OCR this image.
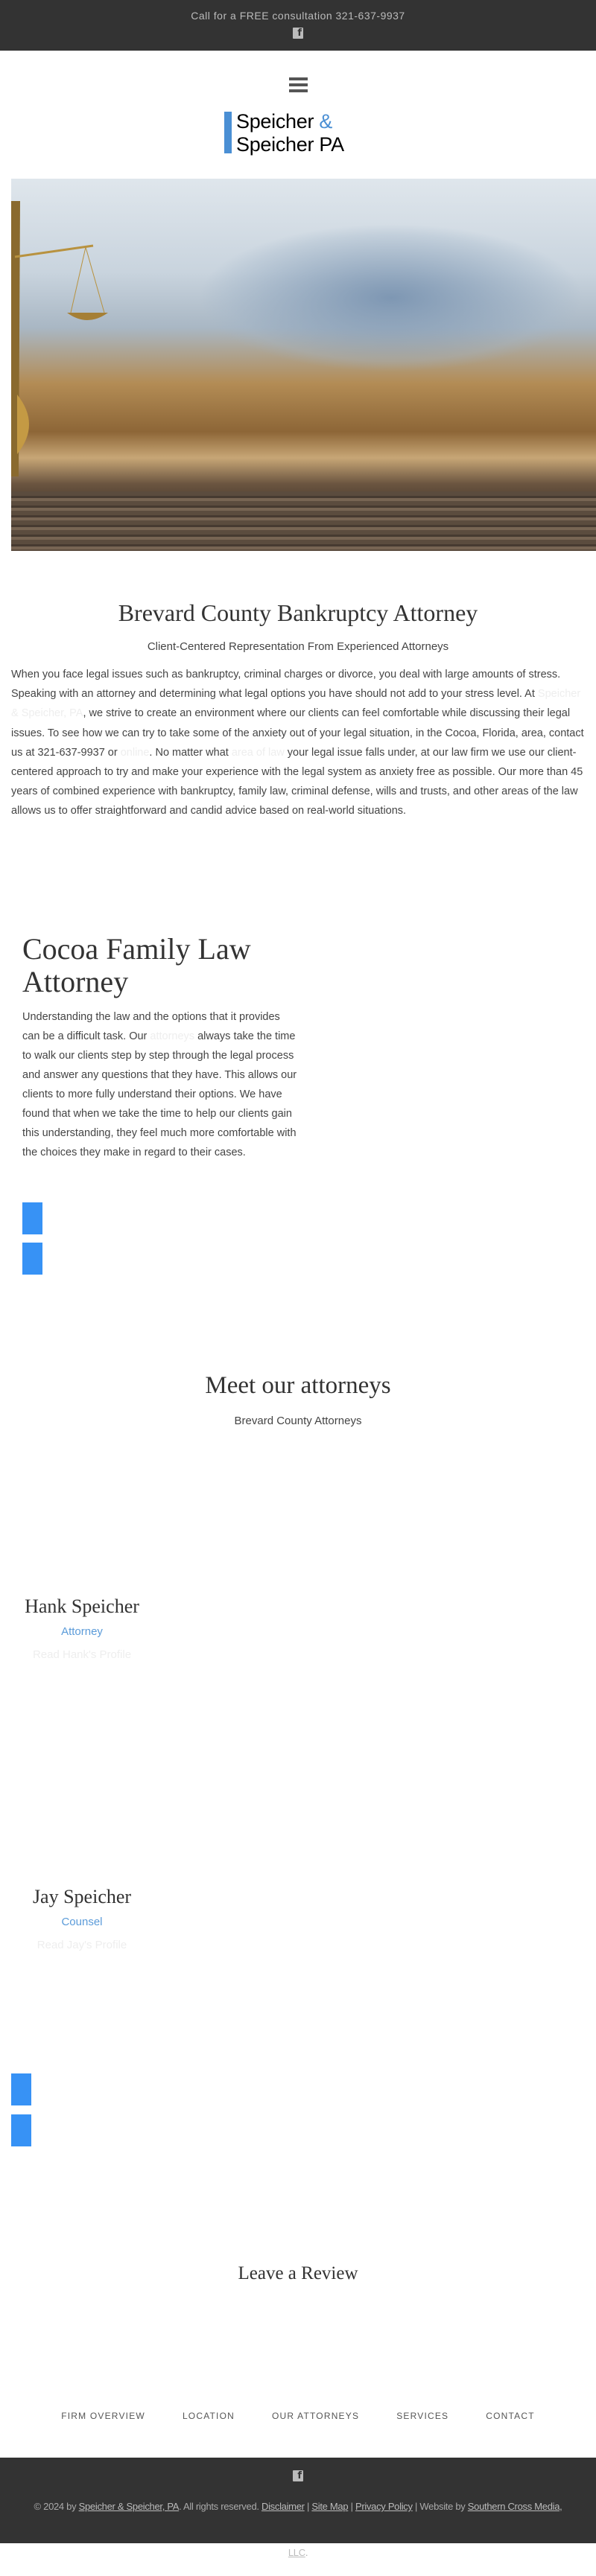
Call for a FREE consultation 321-637-9937
f
Speicher &
Speicher PA
Brevard County Bankruptcy Attorney
Client-Centered Representation From Experienced Attorneys
When you face legal issues such as bankruptcy, criminal charges or divorce, you deal with large amounts of stress. Speaking with an attorney and determining what legal options you have should not add to your stress level. At Speicher & Speicher, PA, we strive to create an environment where our clients can feel comfortable while discussing their legal issues. To see how we can try to take some of the anxiety out of your legal situation, in the Cocoa, Florida, area, contact us at 321-637-9937 or online. No matter what area of law your legal issue falls under, at our law firm we use our client-centered approach to try and make your experience with the legal system as anxiety free as possible. Our more than 45 years of combined experience with bankruptcy, family law, criminal defense, wills and trusts, and other areas of the law allows us to offer straightforward and candid advice based on real-world situations.
Cocoa Family Law Attorney
Understanding the law and the options that it provides can be a difficult task. Our attorneys always take the time to walk our clients step by step through the legal process and answer any questions that they have. This allows our clients to more fully understand their options. We have found that when we take the time to help our clients gain this understanding, they feel much more comfortable with the choices they make in regard to their cases.
Meet our attorneys
Brevard County Attorneys
Hank Speicher
Attorney
Read Hank's Profile
Jay Speicher
Counsel
Read Jay's Profile
Leave a Review
FIRM OVERVIEW	LOCATION	OUR ATTORNEYS	SERVICES	CONTACT
f
© 2024 by Speicher & Speicher, PA. All rights reserved. Disclaimer | Site Map | Privacy Policy | Website by Southern Cross Media, LLC.
